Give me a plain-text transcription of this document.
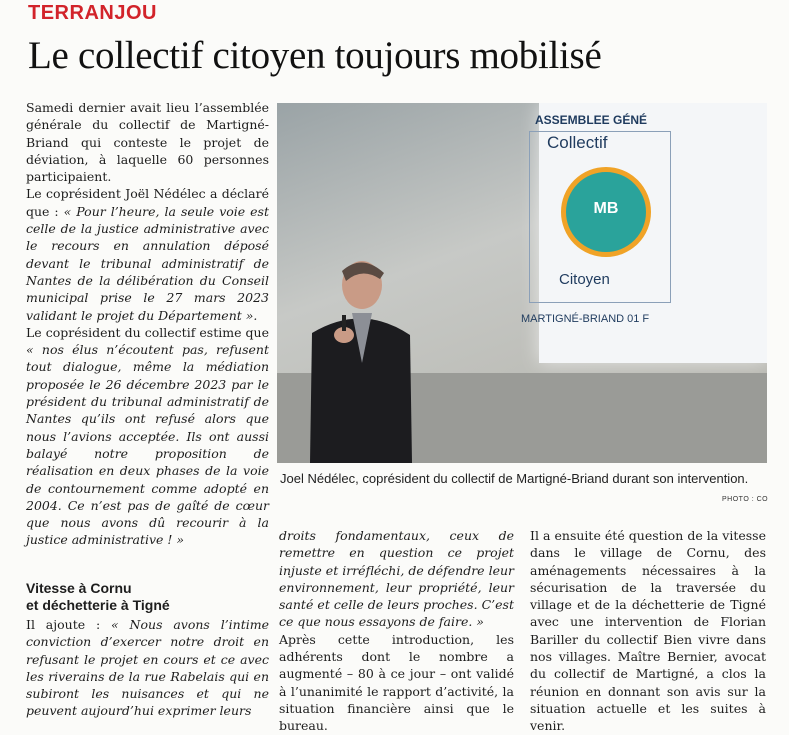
TERRANJOU
Le collectif citoyen toujours mobilisé

Samedi dernier avait lieu l’assemblée générale du collectif de Martigné-Briand qui conteste le projet de déviation, à laquelle 60 personnes participaient.

Le coprésident Joël Nédélec a déclaré que : « Pour l’heure, la seule voie est celle de la justice administrative avec le recours en annulation déposé devant le tribunal administratif de Nantes de la délibération du Conseil municipal prise le 27 mars 2023 validant le projet du Département ».

Le coprésident du collectif estime que « nos élus n’écoutent pas, refusent tout dialogue, même la médiation proposée le 26 décembre 2023 par le président du tribunal administratif de Nantes qu’ils ont refusé alors que nous l’avions acceptée. Ils ont aussi balayé notre proposition de réalisation en deux phases de la voie de contournement comme adopté en 2004. Ce n’est pas de gaîté de cœur que nous avons dû recourir à la justice administrative ! »

Vitesse à Cornu
et déchetterie à Tigné

Il ajoute : « Nous avons l’intime conviction d’exercer notre droit en refusant le projet en cours et ce avec les riverains de la rue Rabelais qui en subiront les nuisances et qui ne peuvent aujourd’hui exprimer leurs

droits fondamentaux, ceux de remettre en question ce projet injuste et irréfléchi, de défendre leur environnement, leur propriété, leur santé et celle de leurs proches. C’est ce que nous essayons de faire. »

Après cette introduction, les adhérents dont le nombre a augmenté – 80 à ce jour – ont validé à l’unanimité le rapport d’activité, la situation financière ainsi que le bureau.

Il a ensuite été question de la vitesse dans le village de Cornu, des aménagements nécessaires à la sécurisation de la traversée du village et de la déchetterie de Tigné avec une intervention de Florian Bariller du collectif Bien vivre dans nos villages. Maître Bernier, avocat du collectif de Martigné, a clos la réunion en donnant son avis sur la situation actuelle et les suites à venir.

ASSEMBLEE GÉNÉ
Collectif
MB
Citoyen
MARTIGNÉ-BRIAND 01 F
Joel Nédélec, coprésident du collectif de Martigné-Briand durant son intervention.
PHOTO : CO
